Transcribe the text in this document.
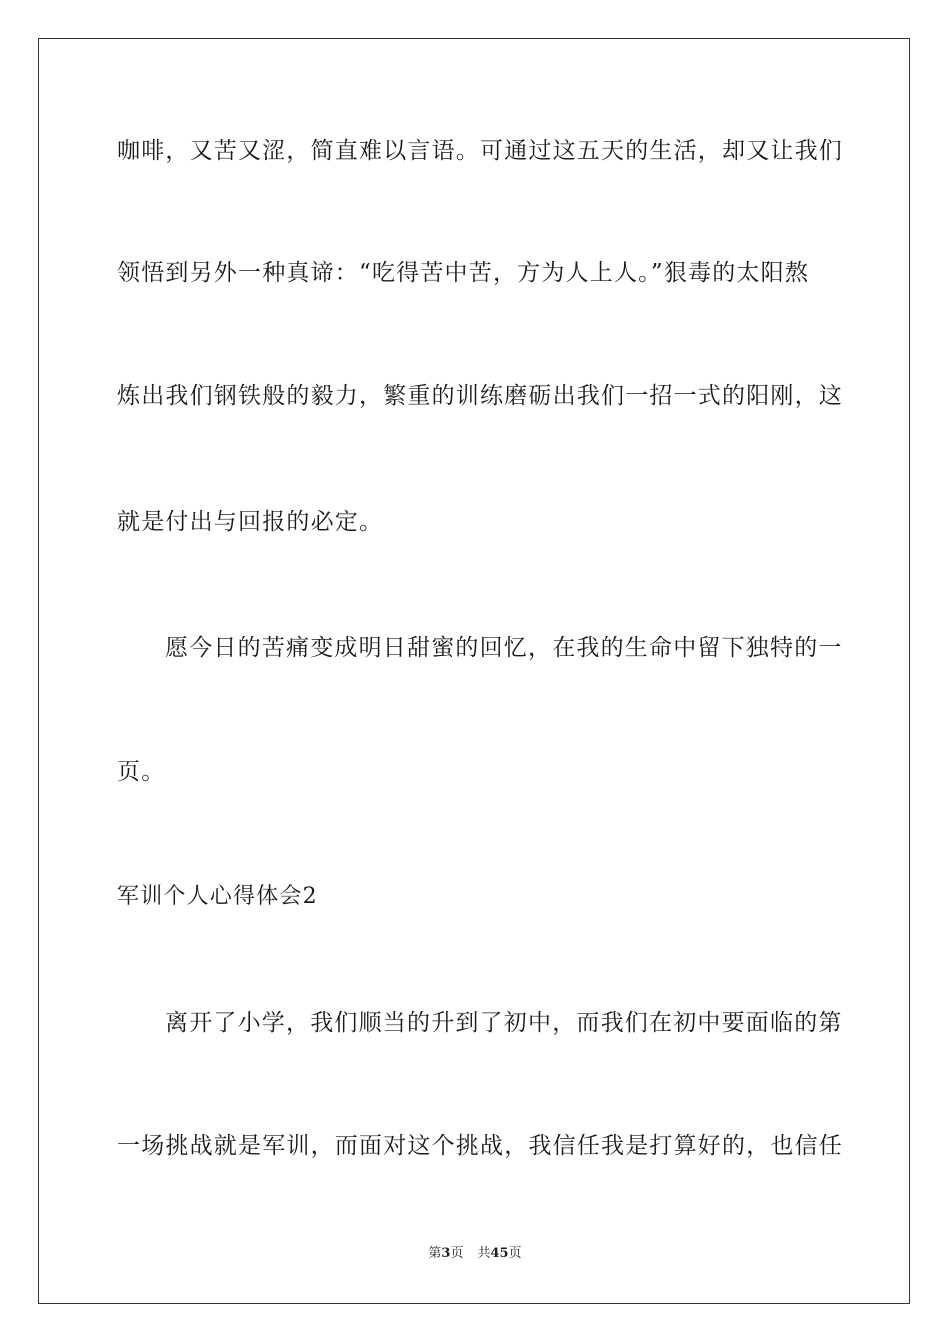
咖啡，又苦又涩，简直难以言语。可通过这五天的生活，却又让我们
领悟到另外一种真谛：“吃得苦中苦，方为人上人。”狠毒的太阳熬
炼出我们钢铁般的毅力，繁重的训练磨砺出我们一招一式的阳刚，这
就是付出与回报的必定。
愿今日的苦痛变成明日甜蜜的回忆，在我的生命中留下独特的一
页。
军训个人心得体会2
离开了小学，我们顺当的升到了初中，而我们在初中要面临的第
一场挑战就是军训，而面对这个挑战，我信任我是打算好的，也信任
第3页 共45页
